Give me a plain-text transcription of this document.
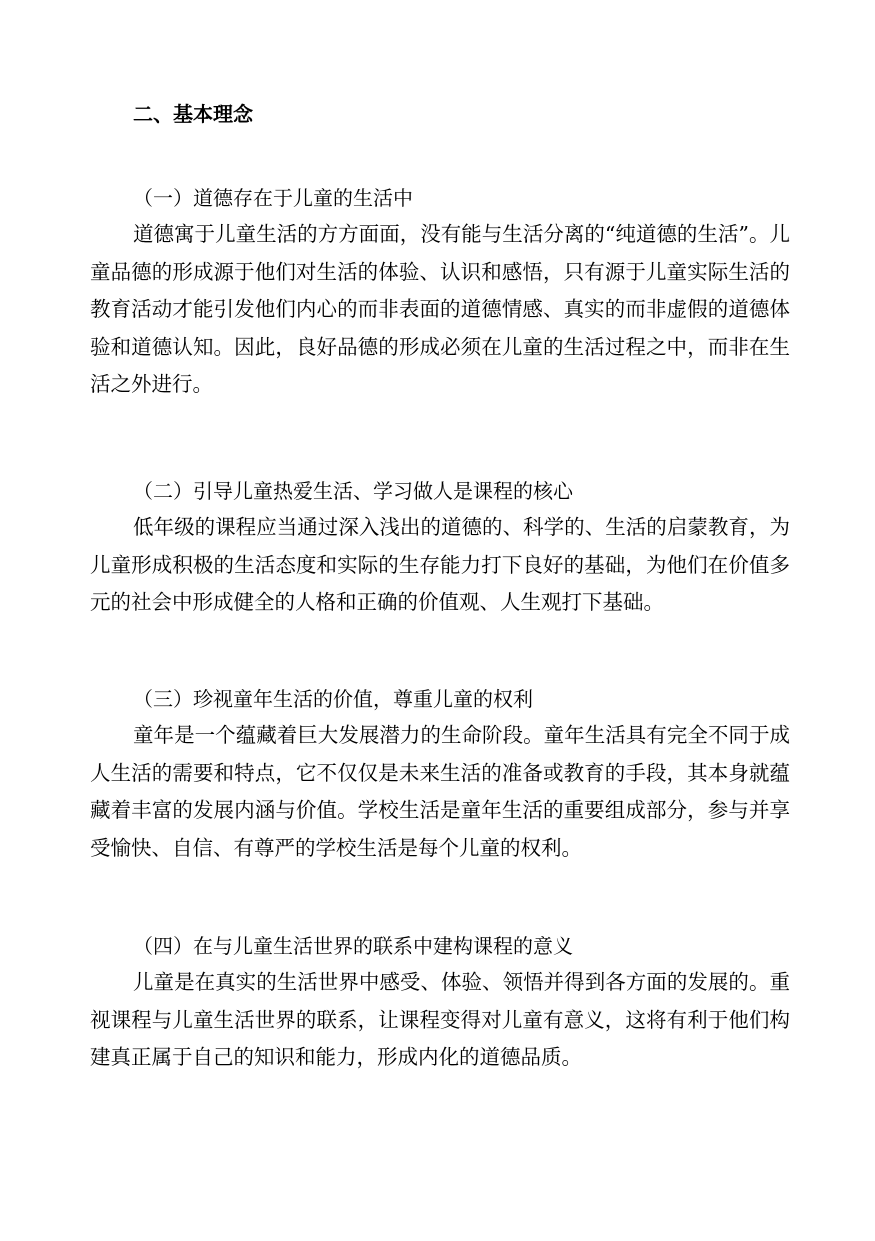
二、基本理念
（一）道德存在于儿童的生活中

道德寓于儿童生活的方方面面，没有能与生活分离的“纯道德的生活”。儿童品德的形成源于他们对生活的体验、认识和感悟，只有源于儿童实际生活的教育活动才能引发他们内心的而非表面的道德情感、真实的而非虚假的道德体验和道德认知。因此，良好品德的形成必须在儿童的生活过程之中，而非在生活之外进行。

（二）引导儿童热爱生活、学习做人是课程的核心

低年级的课程应当通过深入浅出的道德的、科学的、生活的启蒙教育，为儿童形成积极的生活态度和实际的生存能力打下良好的基础，为他们在价值多元的社会中形成健全的人格和正确的价值观、人生观打下基础。

（三）珍视童年生活的价值，尊重儿童的权利

童年是一个蕴藏着巨大发展潜力的生命阶段。童年生活具有完全不同于成人生活的需要和特点，它不仅仅是未来生活的准备或教育的手段，其本身就蕴藏着丰富的发展内涵与价值。学校生活是童年生活的重要组成部分，参与并享受愉快、自信、有尊严的学校生活是每个儿童的权利。

（四）在与儿童生活世界的联系中建构课程的意义

儿童是在真实的生活世界中感受、体验、领悟并得到各方面的发展的。重视课程与儿童生活世界的联系，让课程变得对儿童有意义，这将有利于他们构建真正属于自己的知识和能力，形成内化的道德品质。
